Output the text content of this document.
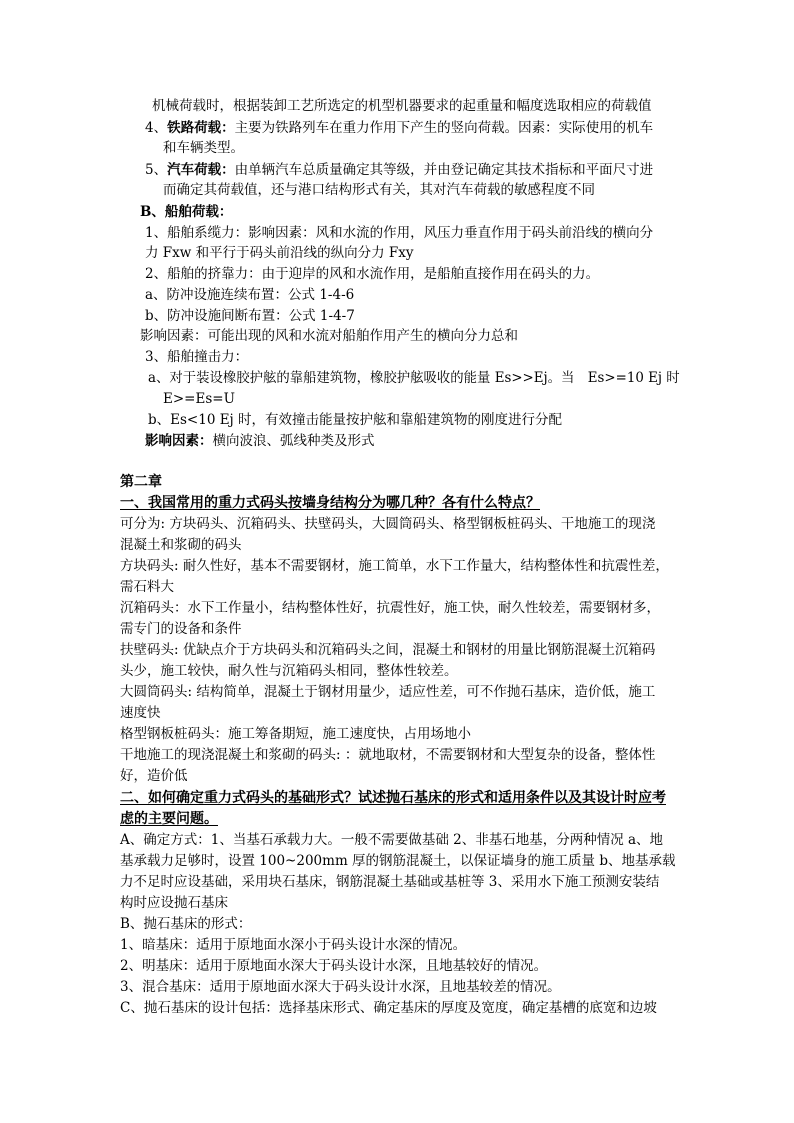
机械荷载时，根据装卸工艺所选定的机型机器要求的起重量和幅度选取相应的荷载值
4、铁路荷载：主要为铁路列车在重力作用下产生的竖向荷载。因素：实际使用的机车
和车辆类型。
5、汽车荷载：由单辆汽车总质量确定其等级，并由登记确定其技术指标和平面尺寸进
而确定其荷载值，还与港口结构形式有关，其对汽车荷载的敏感程度不同
B、船舶荷载：
1、船舶系缆力：影响因素：风和水流的作用，风压力垂直作用于码头前沿线的横向分
力 Fxw 和平行于码头前沿线的纵向分力 Fxy
2、船舶的挤靠力：由于迎岸的风和水流作用，是船舶直接作用在码头的力。
a、防冲设施连续布置：公式 1-4-6
b、防冲设施间断布置：公式 1-4-7
影响因素：可能出现的风和水流对船舶作用产生的横向分力总和
3、船舶撞击力：
a、对于装设橡胶护舷的靠船建筑物，橡胶护舷吸收的能量 Es>>Ej。当　Es>=10 Ej 时
E>=Es=U
b、Es<10 Ej 时，有效撞击能量按护舷和靠船建筑物的刚度进行分配
影响因素：横向波浪、弧线种类及形式
第二章
一、我国常用的重力式码头按墙身结构分为哪几种？各有什么特点？
可分为: 方块码头、沉箱码头、扶壁码头，大圆筒码头、格型钢板桩码头、干地施工的现浇
混凝土和浆砌的码头
方块码头: 耐久性好，基本不需要钢材，施工简单，水下工作量大，结构整体性和抗震性差，
需石料大
沉箱码头：水下工作量小，结构整体性好，抗震性好，施工快，耐久性较差，需要钢材多，
需专门的设备和条件
扶壁码头: 优缺点介于方块码头和沉箱码头之间，混凝土和钢材的用量比钢筋混凝土沉箱码
头少，施工较快，耐久性与沉箱码头相同，整体性较差。
大圆筒码头: 结构简单，混凝土于钢材用量少，适应性差，可不作抛石基床，造价低，施工
速度快
格型钢板桩码头：施工筹备期短，施工速度快，占用场地小
干地施工的现浇混凝土和浆砌的码头: ：就地取材，不需要钢材和大型复杂的设备，整体性
好，造价低
二、如何确定重力式码头的基础形式？试述抛石基床的形式和适用条件以及其设计时应考
虑的主要问题。
A、确定方式：1、当基石承载力大。一般不需要做基础 2、非基石地基，分两种情况 a、地
基承载力足够时，设置 100~200mm 厚的钢筋混凝土，以保证墙身的施工质量 b、地基承载
力不足时应设基础，采用块石基床，钢筋混凝土基础或基桩等 3、采用水下施工预测安装结
构时应设抛石基床
B、抛石基床的形式：
1、暗基床：适用于原地面水深小于码头设计水深的情况。
2、明基床：适用于原地面水深大于码头设计水深，且地基较好的情况。
3、混合基床：适用于原地面水深大于码头设计水深，且地基较差的情况。
C、抛石基床的设计包括：选择基床形式、确定基床的厚度及宽度，确定基槽的底宽和边坡
